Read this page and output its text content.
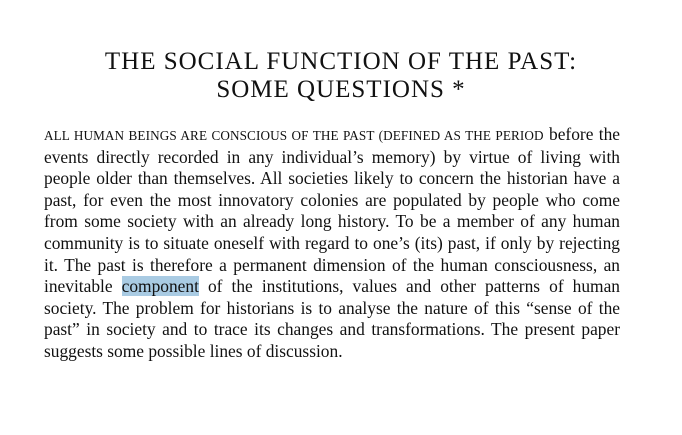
THE SOCIAL FUNCTION OF THE PAST:
SOME QUESTIONS *

ALL HUMAN BEINGS ARE CONSCIOUS OF THE PAST (DEFINED AS THE PERIOD before the events directly recorded in any individual’s memory) by virtue of living with people older than themselves. All societies likely to concern the historian have a past, for even the most innovatory colonies are populated by people who come from some society with an already long history. To be a member of any human community is to situate oneself with regard to one’s (its) past, if only by rejecting it. The past is therefore a permanent dimension of the human consciousness, an inevitable component of the institutions, values and other patterns of human society. The problem for historians is to analyse the nature of this “sense of the past” in society and to trace its changes and transformations. The present paper suggests some possible lines of discussion.
